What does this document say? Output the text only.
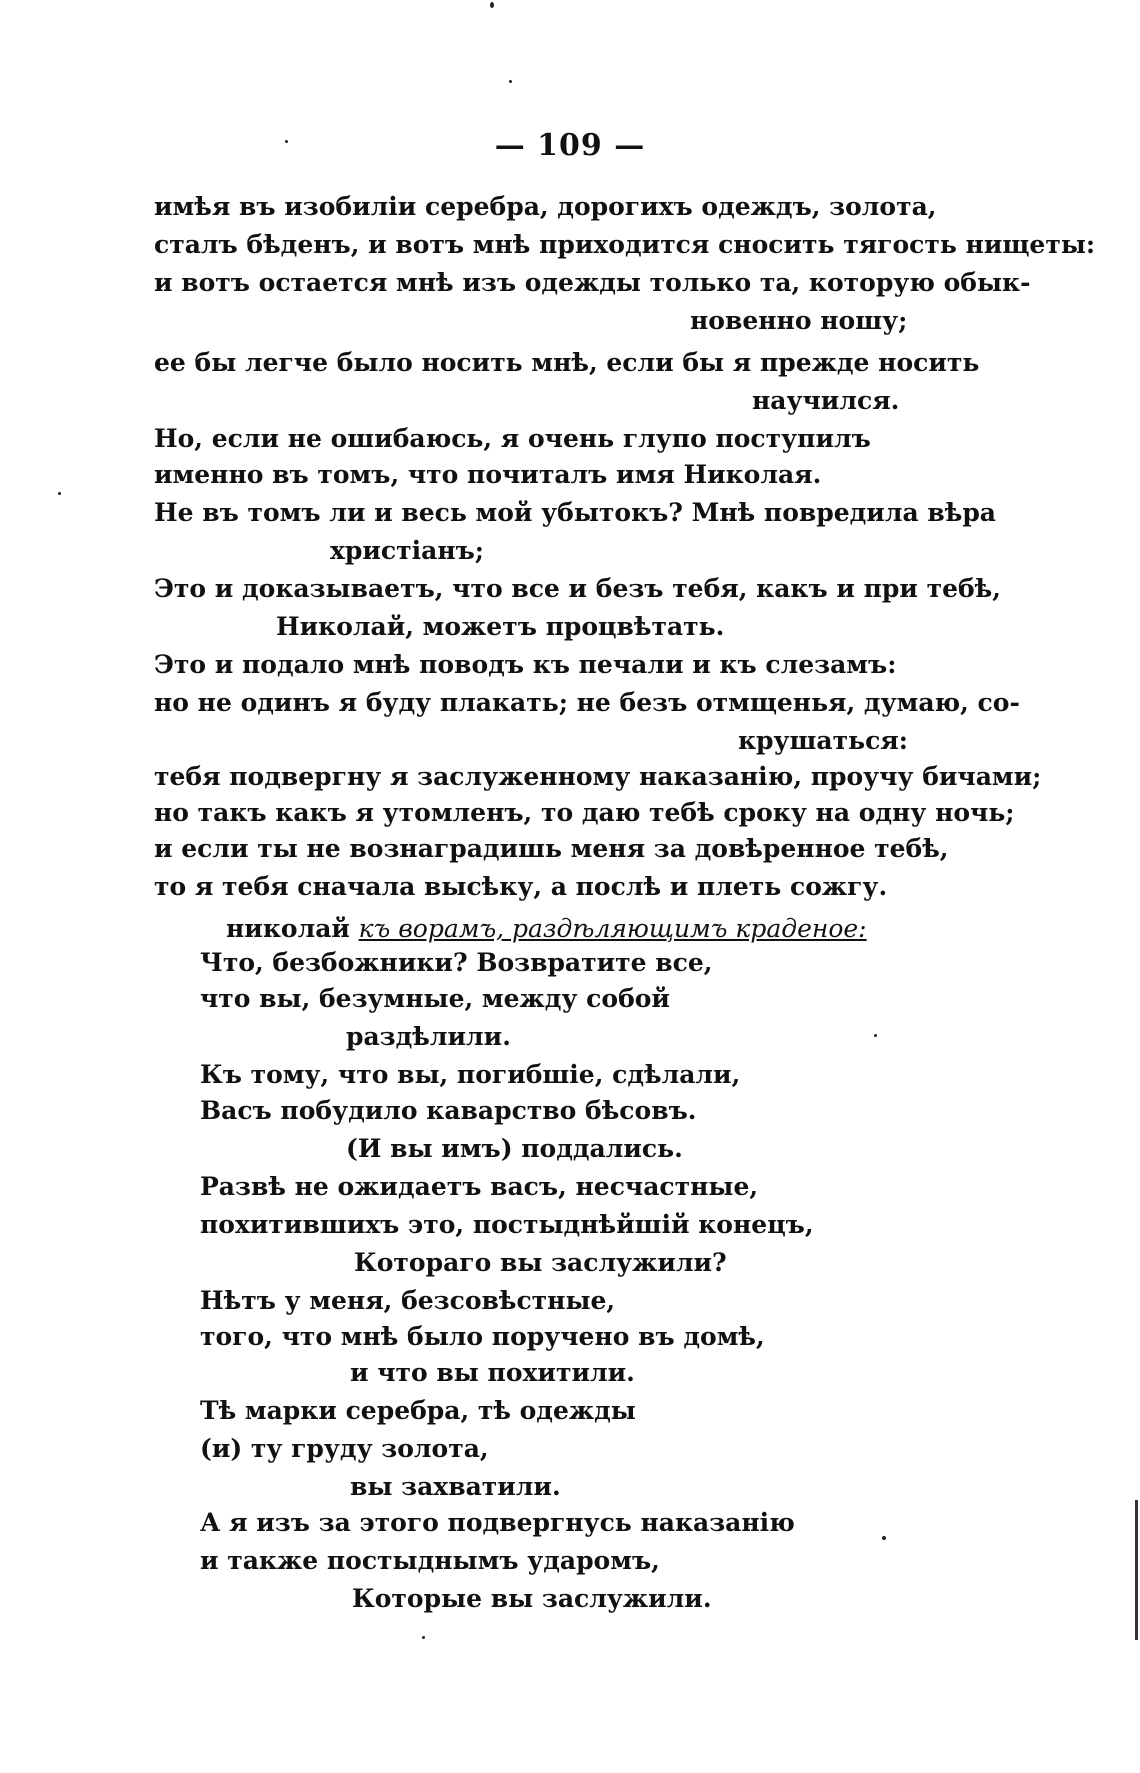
— 109 —
имѣя въ изобиліи серебра, дорогихъ одеждъ, золота,
сталъ бѣденъ, и вотъ мнѣ приходится сносить тягость нищеты:
и вотъ остается мнѣ изъ одежды только та, которую обык-
новенно ношу;
ее бы легче было носить мнѣ, если бы я прежде носить
научился.
Но, если не ошибаюсь, я очень глупо поступилъ
именно въ томъ, что почиталъ имя Николая.
Не въ томъ ли и весь мой убытокъ? Мнѣ повредила вѣра
христіанъ;
Это и доказываетъ, что все и безъ тебя, какъ и при тебѣ,
Николай, можетъ процвѣтать.
Это и подало мнѣ поводъ къ печали и къ слезамъ:
но не одинъ я буду плакать; не безъ отмщенья, думаю, со-
крушаться:
тебя подвергну я заслуженному наказанію, проучу бичами;
но такъ какъ я утомленъ, то даю тебѣ сроку на одну ночь;
и если ты не вознаградишь меня за довѣренное тебѣ,
то я тебя сначала высѣку, а послѣ и плеть сожгу.
николай къ ворамъ, раздѣляющимъ краденое:
Что, безбожники? Возвратите все,
что вы, безумные, между собой
раздѣлили.
Къ тому, что вы, погибшіе, сдѣлали,
Васъ побудило каварство бѣсовъ.
(И вы имъ) поддались.
Развѣ не ожидаетъ васъ, несчастные,
похитившихъ это, постыднѣйшій конецъ,
Котораго вы заслужили?
Нѣтъ у меня, безсовѣстные,
того, что мнѣ было поручено въ домѣ,
и что вы похитили.
Тѣ марки серебра, тѣ одежды
(и) ту груду золота,
вы захватили.
А я изъ за этого подвергнусь наказанію
и также постыднымъ ударомъ,
Которые вы заслужили.
